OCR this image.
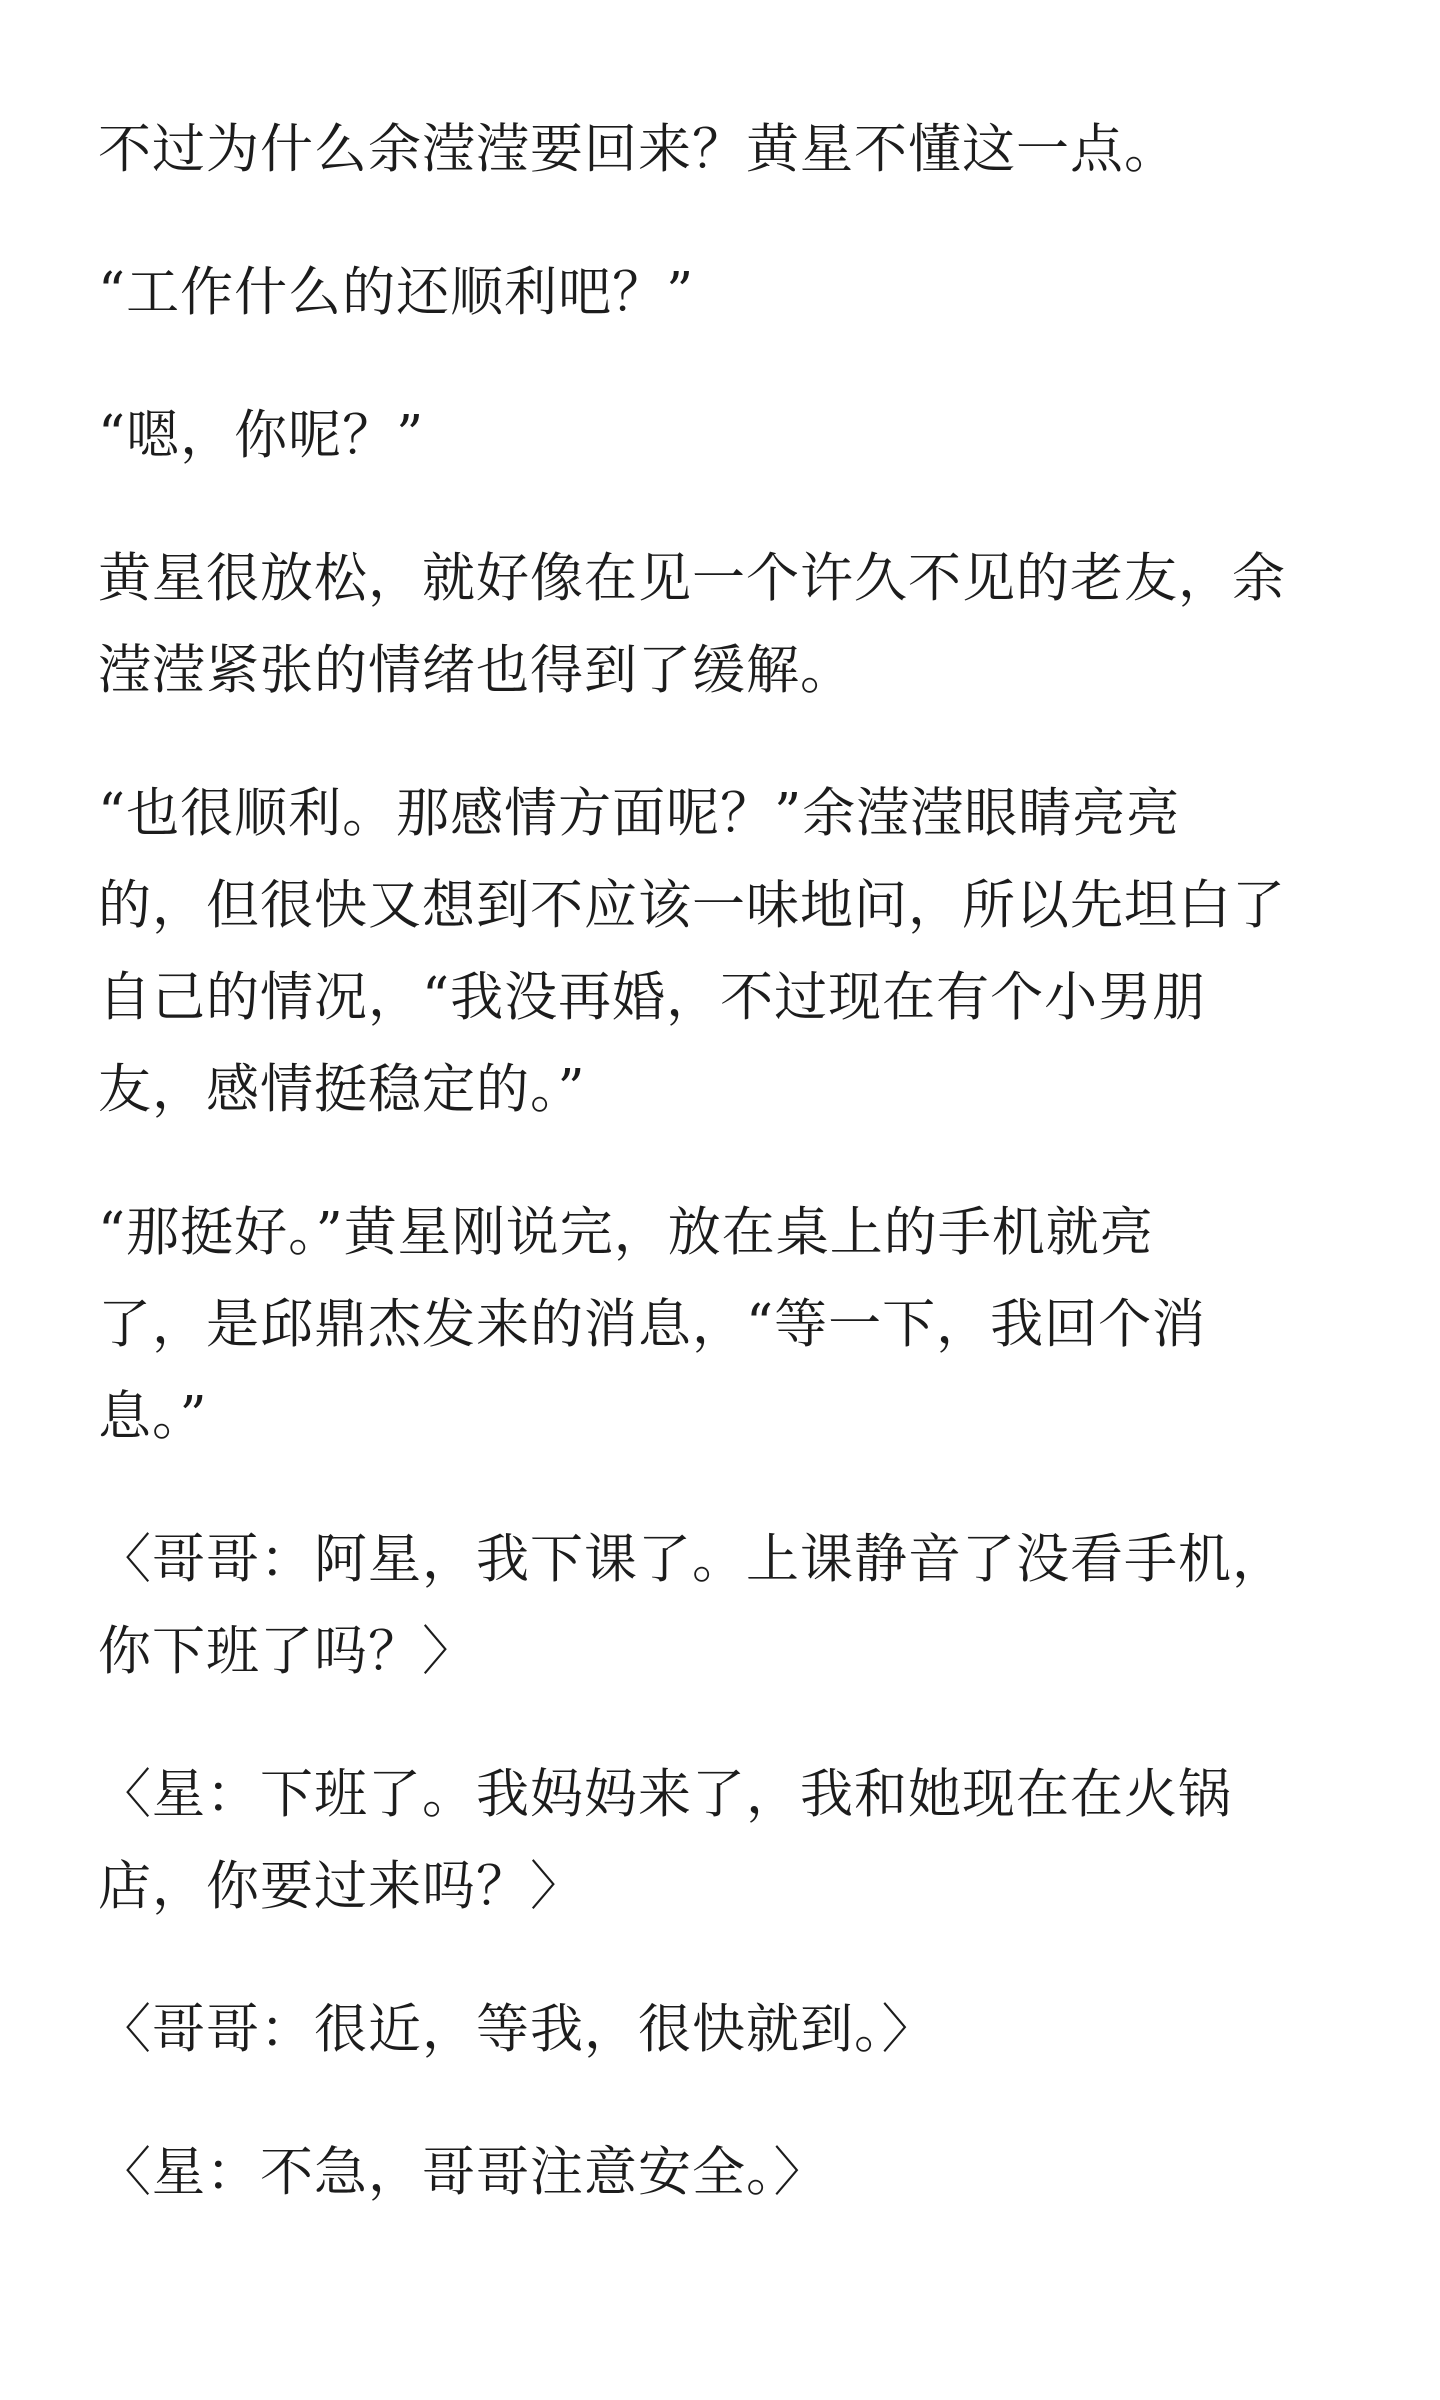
不过为什么余滢滢要回来？黄星不懂这一点。

“工作什么的还顺利吧？”

“嗯，你呢？”

黄星很放松，就好像在见一个许久不见的老友，余
滢滢紧张的情绪也得到了缓解。

“也很顺利。那感情方面呢？”余滢滢眼睛亮亮
的，但很快又想到不应该一味地问，所以先坦白了
自己的情况，“我没再婚，不过现在有个小男朋
友，感情挺稳定的。”

“那挺好。”黄星刚说完，放在桌上的手机就亮
了，是邱鼎杰发来的消息，“等一下，我回个消
息。”

〈哥哥：阿星，我下课了。上课静音了没看手机，
你下班了吗？〉

〈星：下班了。我妈妈来了，我和她现在在火锅
店，你要过来吗？〉

〈哥哥：很近，等我，很快就到。〉

〈星：不急，哥哥注意安全。〉
